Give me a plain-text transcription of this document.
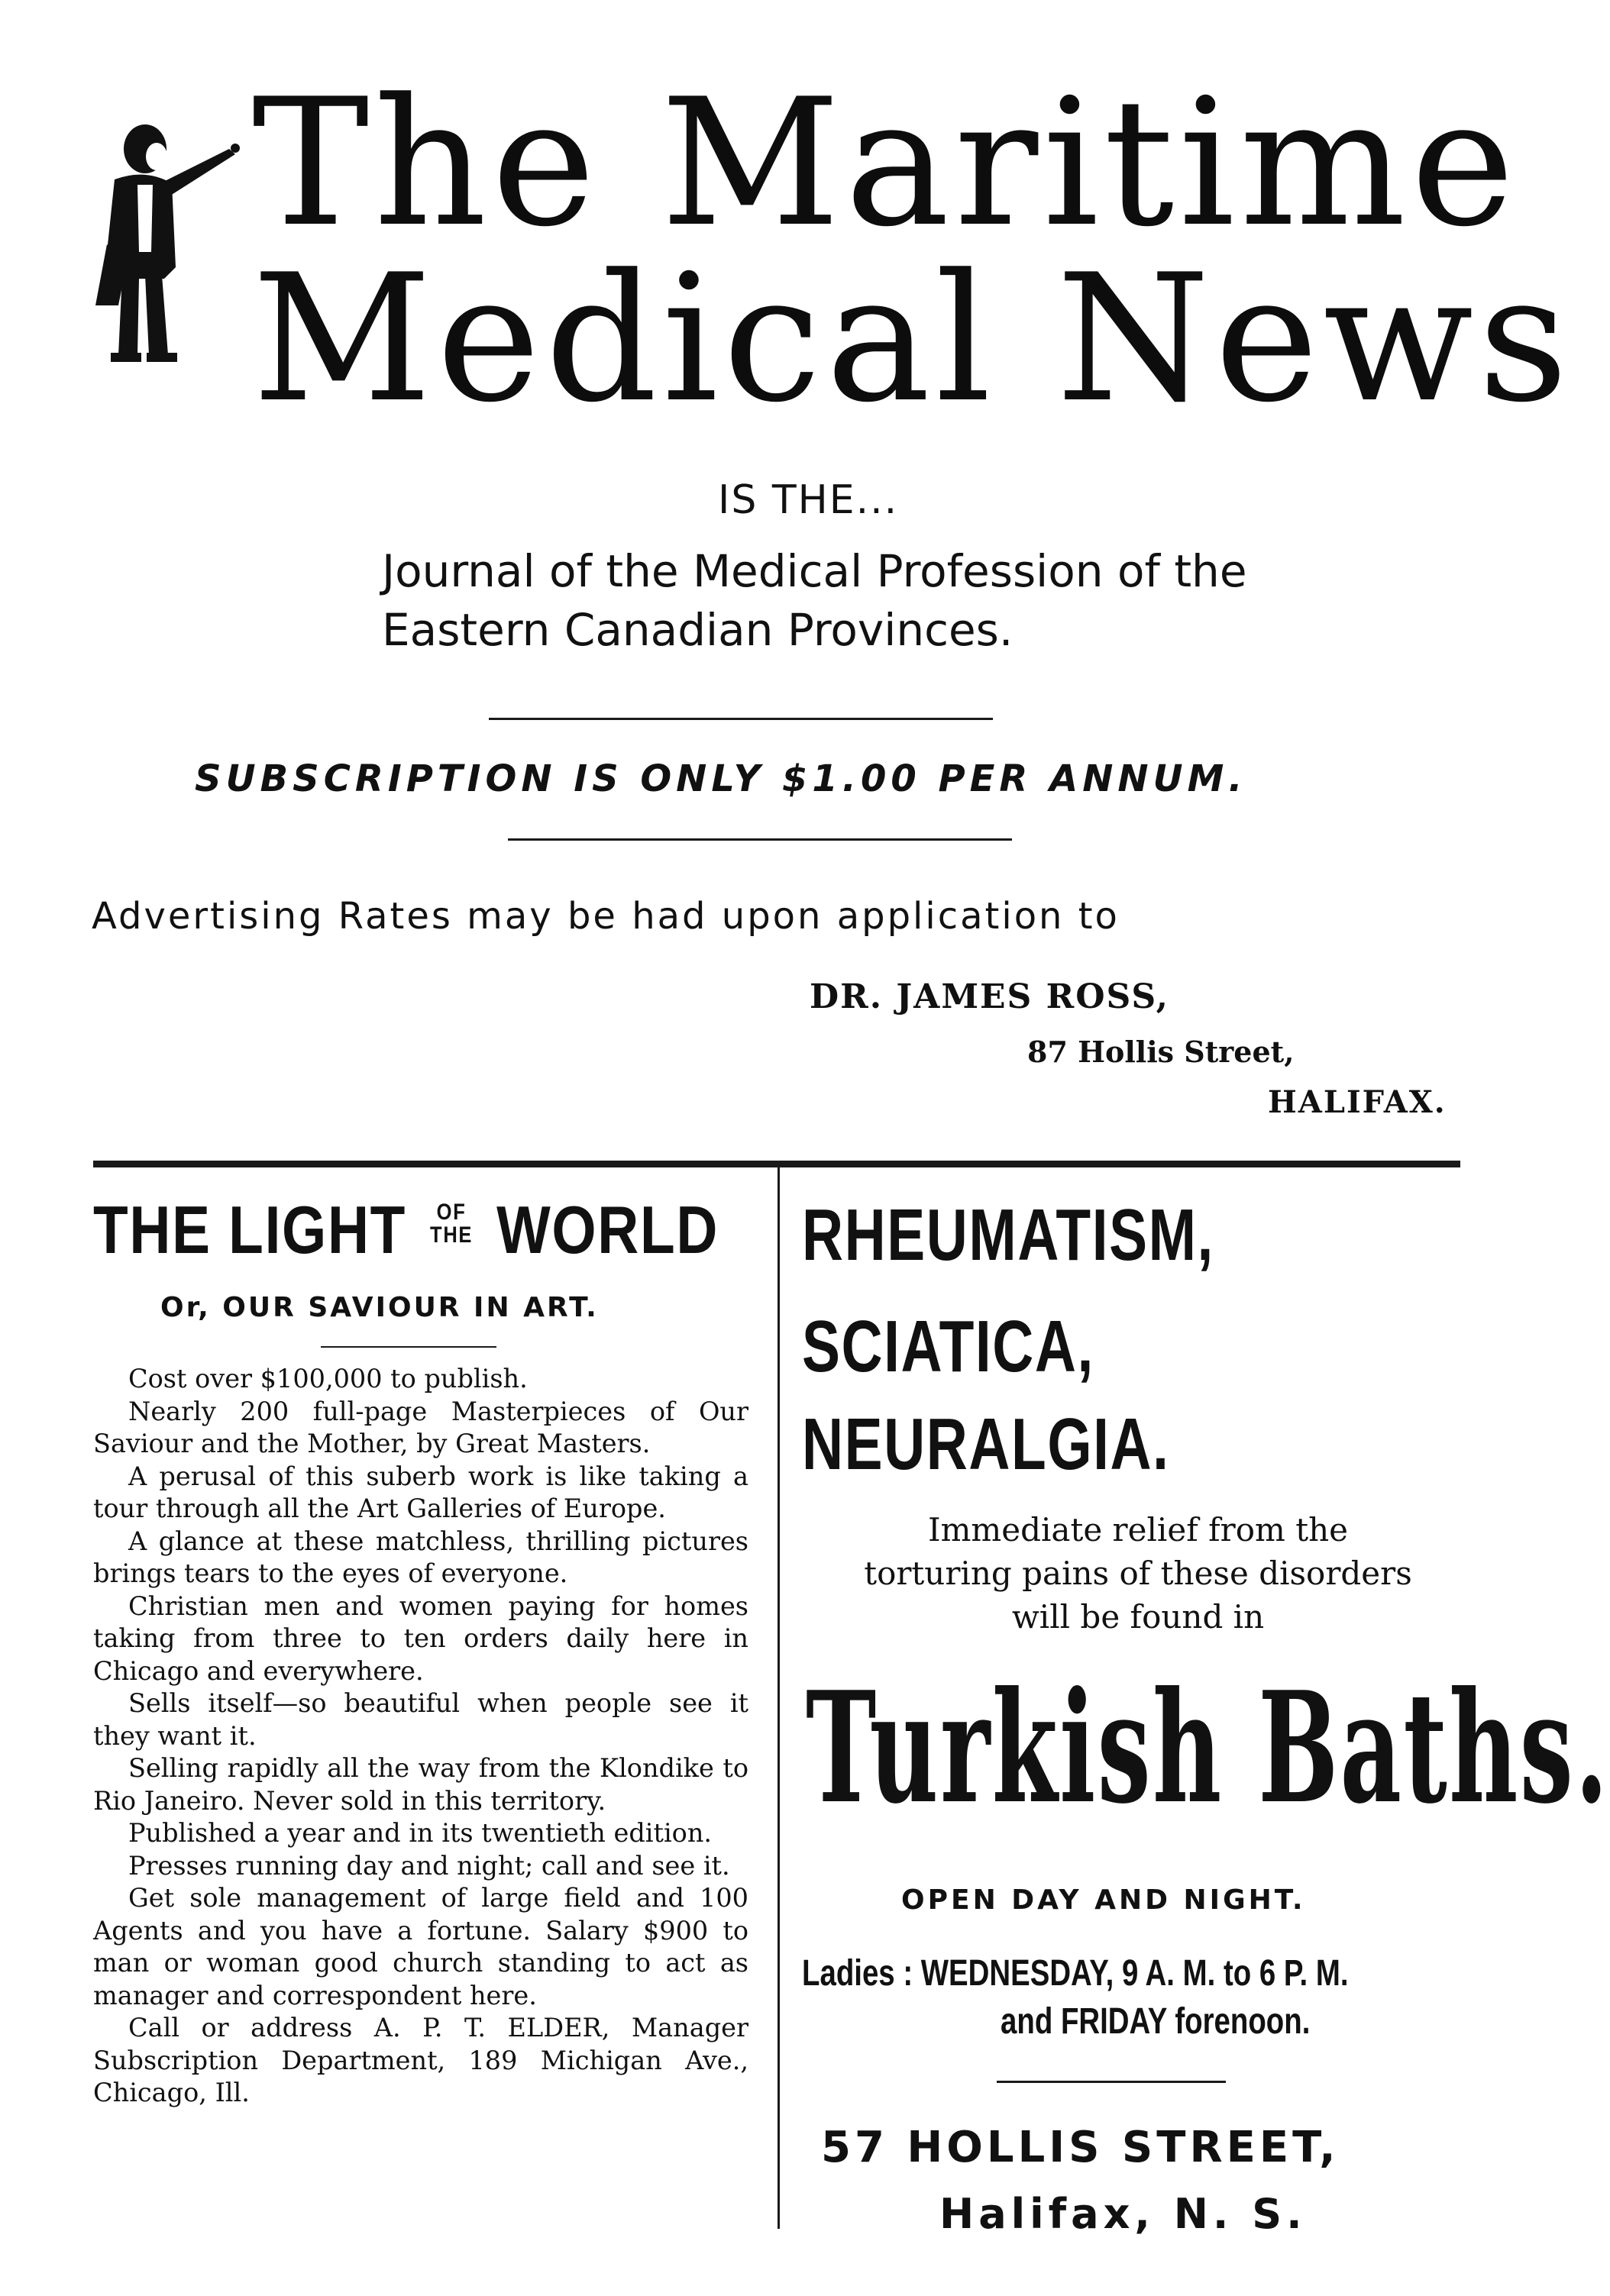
The Maritime
Medical News
IS THE...
Journal of the Medical Profession of the
Eastern Canadian Provinces.
SUBSCRIPTION IS ONLY $1.00 PER ANNUM.
Advertising Rates may be had upon application to
DR. JAMES ROSS,
87 Hollis Street,
HALIFAX.
THE LIGHT OF
THE WORLD
Or, OUR SAVIOUR IN ART.

Cost over $100,000 to publish.

Nearly 200 full-page Masterpieces of Our Saviour and the Mother, by Great Masters.

A perusal of this suberb work is like taking a tour through all the Art Galleries of Europe.

A glance at these matchless, thrilling pictures brings tears to the eyes of everyone.

Christian men and women paying for homes taking from three to ten orders daily here in Chicago and everywhere.

Sells itself—so beautiful when people see it they want it.

Selling rapidly all the way from the Klondike to Rio Janeiro. Never sold in this territory.

Published a year and in its twentieth edition.

Presses running day and night; call and see it.

Get sole management of large field and 100 Agents and you have a fortune. Salary $900 to man or woman good church standing to act as manager and correspondent here.

Call or address A. P. T. ELDER, Manager Subscription Department, 189 Michigan Ave., Chicago, Ill.

RHEUMATISM,
SCIATICA,
NEURALGIA.
Immediate relief from the torturing pains of these disorders will be found in
Turkish Baths.
OPEN DAY AND NIGHT.
Ladies : WEDNESDAY, 9 A. M. to 6 P. M.
and FRIDAY forenoon.
57 HOLLIS STREET,
Halifax, N. S.
